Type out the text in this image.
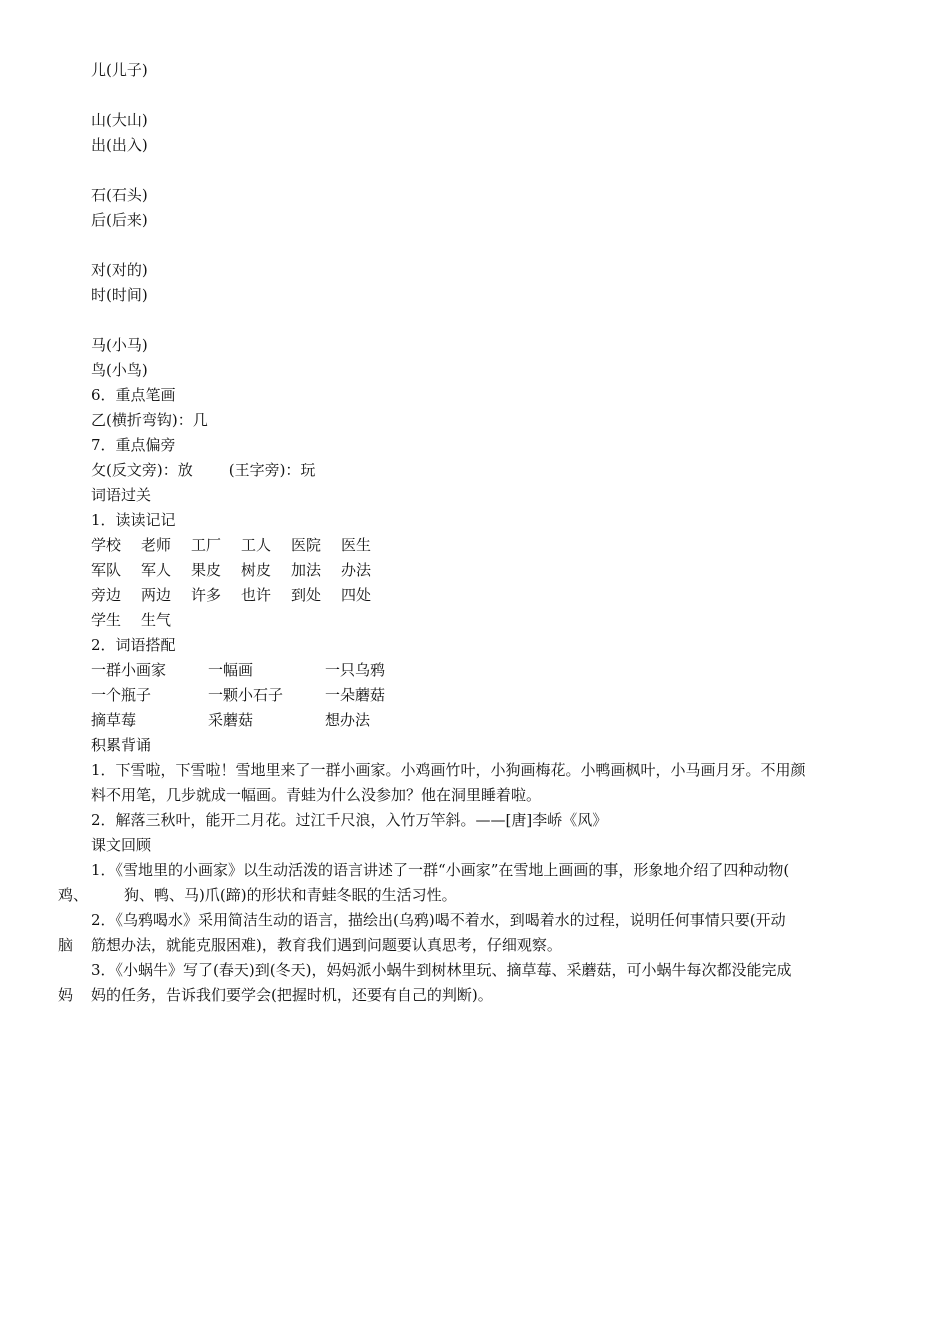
儿(儿子)
山(大山)
出(出入)
石(石头)
后(后来)
对(对的)
时(时间)
马(小马)
鸟(小鸟)
6．重点笔画
乙(横折弯钩)：几
7．重点偏旁
攵(反文旁)：放 (王字旁)：玩
词语过关
1．读读记记
学校 老师 工厂 工人 医院 医生
军队 军人 果皮 树皮 加法 办法
旁边 两边 许多 也许 到处 四处
学生 生气
2．词语搭配
一群小画家	一幅画	一只乌鸦
一个瓶子	一颗小石子	一朵蘑菇
摘草莓	采蘑菇	想办法
积累背诵
1．下雪啦，下雪啦！雪地里来了一群小画家。小鸡画竹叶，小狗画梅花。小鸭画枫叶，小马画月牙。不用颜
料不用笔，几步就成一幅画。青蛙为什么没参加？他在洞里睡着啦。
2．解落三秋叶，能开二月花。过江千尺浪，入竹万竿斜。——[唐]李峤《风》
课文回顾
1．《雪地里的小画家》以生动活泼的语言讲述了一群“小画家”在雪地上画画的事，形象地介绍了四种动物(
鸡、 狗、鸭、马)爪(蹄)的形状和青蛙冬眠的生活习性。
2．《乌鸦喝水》采用简洁生动的语言，描绘出(乌鸦)喝不着水，到喝着水的过程，说明任何事情只要(开动
脑 筋想办法，就能克服困难)，教育我们遇到问题要认真思考，仔细观察。
3．《小蜗牛》写了(春天)到(冬天)，妈妈派小蜗牛到树林里玩、摘草莓、采蘑菇，可小蜗牛每次都没能完成
妈 妈的任务，告诉我们要学会(把握时机，还要有自己的判断)。
